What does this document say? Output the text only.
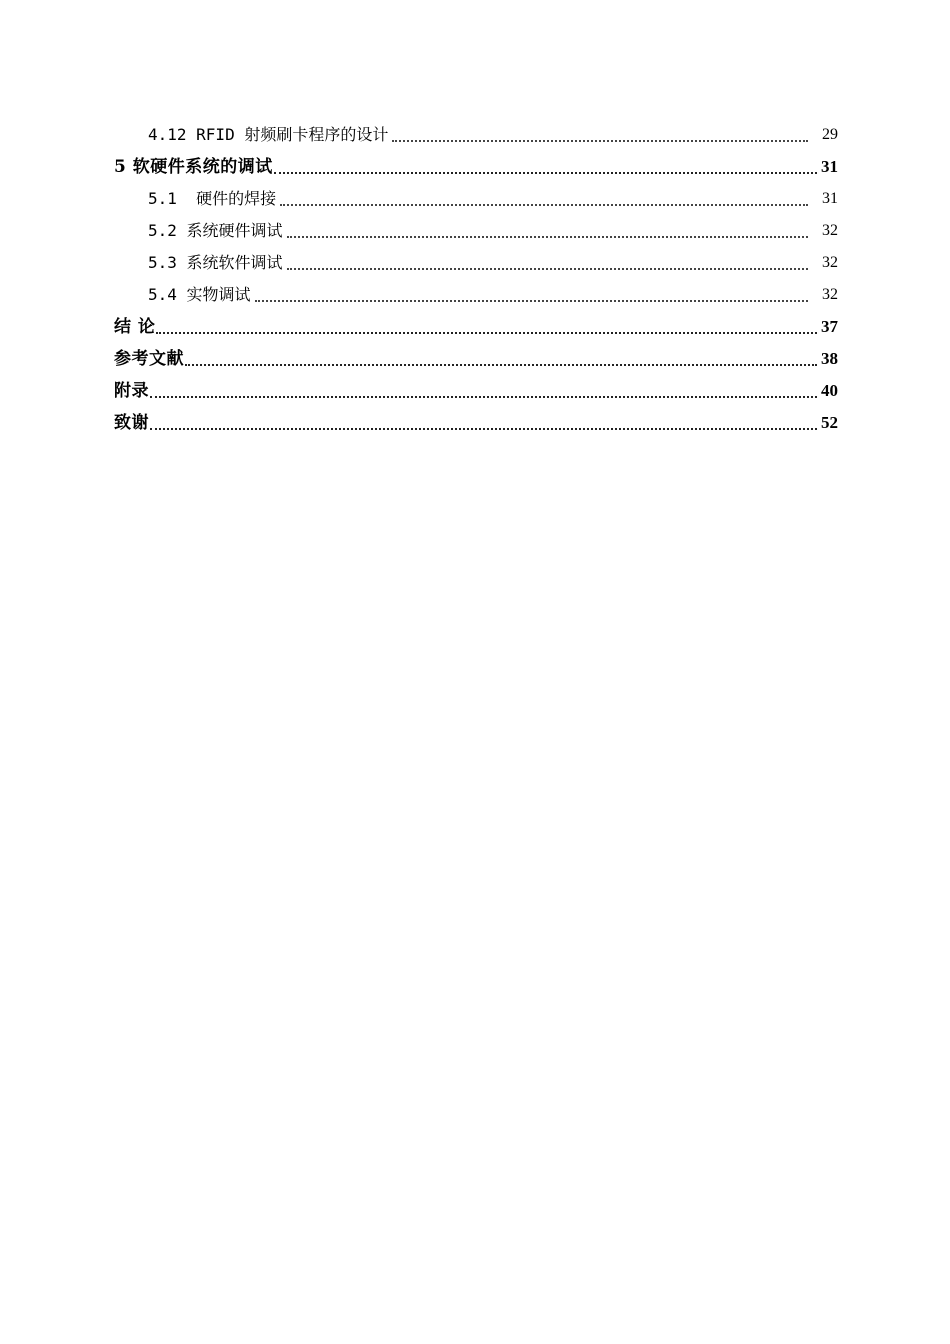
4.12 RFID 射频刷卡程序的设计	29
5 软硬件系统的调试	31
5.1  硬件的焊接	31
5.2 系统硬件调试	32
5.3 系统软件调试	32
5.4 实物调试	32
结 论	37
参考文献	38
附录	40
致谢	52
